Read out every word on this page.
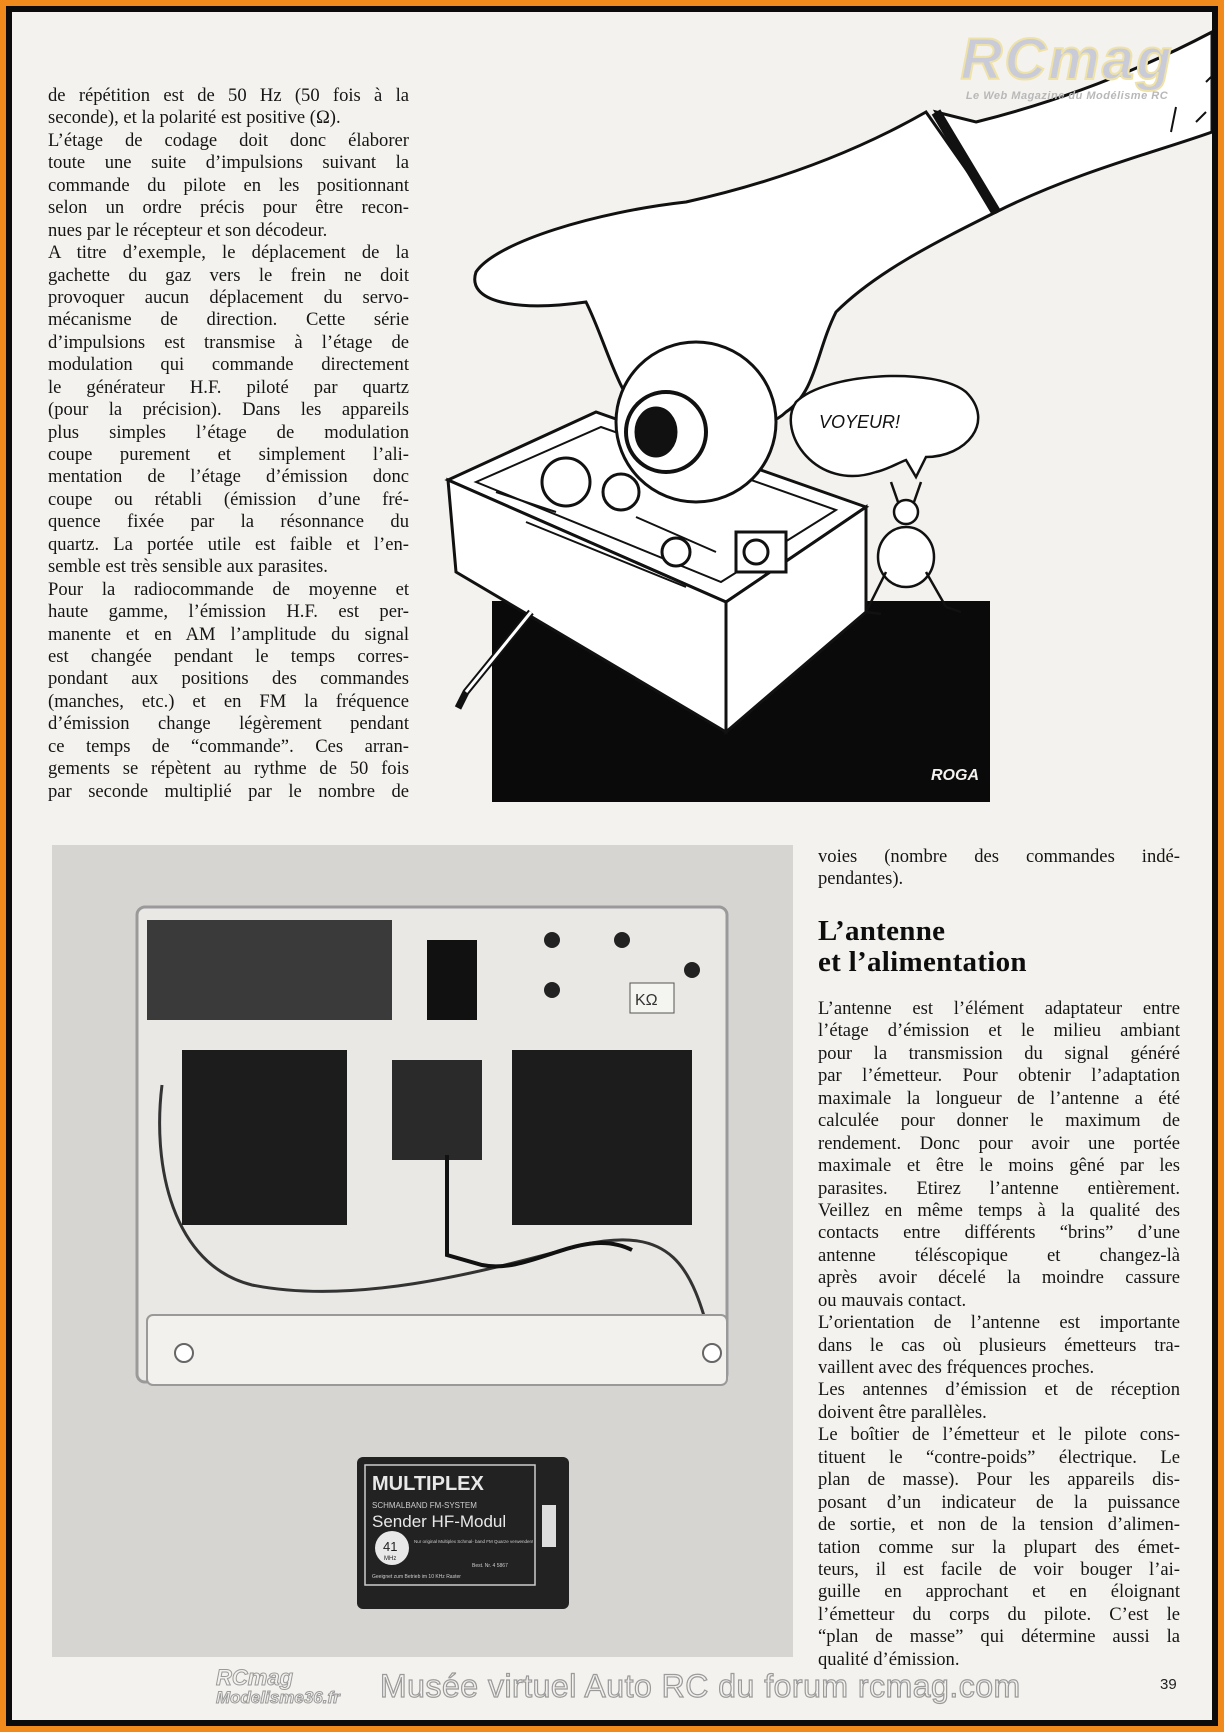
VOYEUR!
ROGA
RCmag
Le Web Magazine du Modélisme RC
de répétition est de 50 Hz (50 fois à la
seconde), et la polarité est positive (Ω).
L’étage de codage doit donc élaborer
toute une suite d’impulsions suivant la
commande du pilote en les positionnant
selon un ordre précis pour être recon-
nues par le récepteur et son décodeur.
A titre d’exemple, le déplacement de la
gachette du gaz vers le frein ne doit
provoquer aucun déplacement du servo-
mécanisme de direction. Cette série
d’impulsions est transmise à l’étage de
modulation qui commande directement
le générateur H.F. piloté par quartz
(pour la précision). Dans les appareils
plus simples l’étage de modulation
coupe purement et simplement l’ali-
mentation de l’étage d’émission donc
coupe ou rétabli (émission d’une fré-
quence fixée par la résonnance du
quartz. La portée utile est faible et l’en-
semble est très sensible aux parasites.
Pour la radiocommande de moyenne et
haute gamme, l’émission H.F. est per-
manente et en AM l’amplitude du signal
est changée pendant le temps corres-
pondant aux positions des commandes
(manches, etc.) et en FM la fréquence
d’émission change légèrement pendant
ce temps de “commande”. Ces arran-
gements se répètent au rythme de 50 fois
par seconde multiplié par le nombre de
voies (nombre des commandes indé-
pendantes).
L’antenne
et l’alimentation
L’antenne est l’élément adaptateur entre
l’étage d’émission et le milieu ambiant
pour la transmission du signal généré
par l’émetteur. Pour obtenir l’adaptation
maximale la longueur de l’antenne a été
calculée pour donner le maximum de
rendement. Donc pour avoir une portée
maximale et être le moins gêné par les
parasites. Etirez l’antenne entièrement.
Veillez en même temps à la qualité des
contacts entre différents “brins” d’une
antenne téléscopique et changez-là
après avoir décelé la moindre cassure
ou mauvais contact.
L’orientation de l’antenne est importante
dans le cas où plusieurs émetteurs tra-
vaillent avec des fréquences proches.
Les antennes d’émission et de réception
doivent être parallèles.
Le boîtier de l’émetteur et le pilote cons-
tituent le “contre-poids” électrique. Le
plan de masse). Pour les appareils dis-
posant d’un indicateur de la puissance
de sortie, et non de la tension d’alimen-
tation comme sur la plupart des émet-
teurs, il est facile de voir bouger l’ai-
guille en approchant et en éloignant
l’émetteur du corps du pilote. C’est le
“plan de masse” qui détermine aussi la
qualité d’émission.
KΩ
MULTIPLEX
SCHMALBAND FM-SYSTEM
Sender HF-Modul
41
MHz
Nur original Multiplex Schmal- band FM Quarze verwenden!
Best. Nr. 4 5867
Geeignet zum Betrieb im 10 KHz Raster
RCmag
Modelisme36.fr Musée virtuel Auto RC du forum rcmag.com	39
